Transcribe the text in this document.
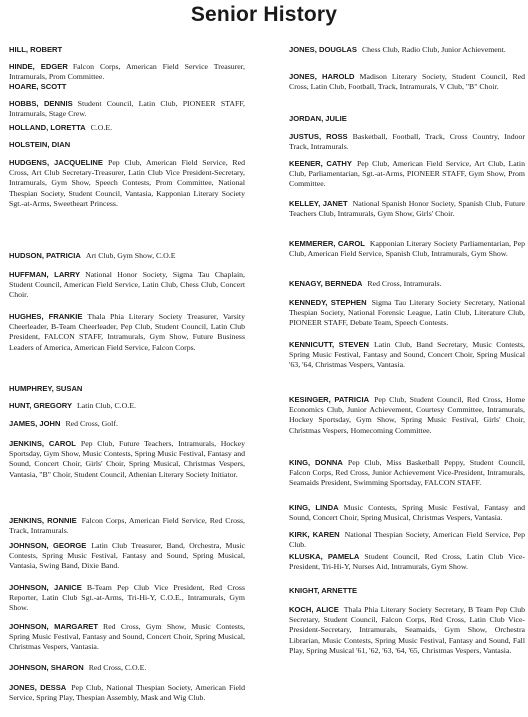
Senior History
HILL, ROBERT
HINDE, EDGER Falcon Corps, American Field Service Treasurer, Intramurals, Prom Committee.
HOARE, SCOTT
HOBBS, DENNIS Student Council, Latin Club, PIONEER STAFF, Intramurals, Stage Crew.
HOLLAND, LORETTA C.O.E.
HOLSTEIN, DIAN
HUDGENS, JACQUELINE Pep Club, American Field Service, Red Cross, Art Club Secretary-Treasurer, Latin Club Vice President-Secretary, Intramurals, Gym Show, Speech Contests, Prom Committee, National Thespian Society, Student Council, Vantasia, Kapponian Literary Society Sgt.-at-Arms, Sweetheart Princess.
HUDSON, PATRICIA Art Club, Gym Show, C.O.E
HUFFMAN, LARRY National Honor Society, Sigma Tau Chaplain, Student Council, American Field Service, Latin Club, Chess Club, Concert Choir.
HUGHES, FRANKIE Thala Phia Literary Society Treasurer, Varsity Cheerleader, B-Team Cheerleader, Pep Club, Student Council, Latin Club President, FALCON STAFF, Intramurals, Gym Show, Future Business Leaders of America, American Field Service, Falcon Corps.
HUMPHREY, SUSAN
HUNT, GREGORY Latin Club, C.O.E.
JAMES, JOHN Red Cross, Golf.
JENKINS, CAROL Pep Club, Future Teachers, Intramurals, Hockey Sportsday, Gym Show, Music Contests, Spring Music Festival, Fantasy and Sound, Concert Choir, Girls' Choir, Spring Musical, Christmas Vespers, Vantasia, "B" Choir, Student Council, Athenian Literary Society Initiator.
JENKINS, RONNIE Falcon Corps, American Field Service, Red Cross, Track, Intramurals.
JOHNSON, GEORGE Latin Club Treasurer, Band, Orchestra, Music Contests, Spring Music Festival, Fantasy and Sound, Spring Musical, Vantasia, Swing Band, Dixie Band.
JOHNSON, JANICE B-Team Pep Club Vice President, Red Cross Reporter, Latin Club Sgt.-at-Arms, Tri-Hi-Y, C.O.E., Intramurals, Gym Show.
JOHNSON, MARGARET Red Cross, Gym Show, Music Contests, Spring Music Festival, Fantasy and Sound, Concert Choir, Spring Musical, Christmas Vespers, Vantasia.
JOHNSON, SHARON Red Cross, C.O.E.
JONES, DESSA Pep Club, National Thespian Society, American Field Service, Spring Play, Thespian Assembly, Mask and Wig Club.
JONES, DOUGLAS Chess Club, Radio Club, Junior Achievement.
JONES, HAROLD Madison Literary Society, Student Council, Red Cross, Latin Club, Football, Track, Intramurals, V Club, "B" Choir.
JORDAN, JULIE
JUSTUS, ROSS Basketball, Football, Track, Cross Country, Indoor Track, Intramurals.
KEENER, CATHY Pep Club, American Field Service, Art Club, Latin Club, Parliamentarian, Sgt.-at-Arms, PIONEER STAFF, Gym Show, Prom Committee.
KELLEY, JANET National Spanish Honor Society, Spanish Club, Future Teachers Club, Intramurals, Gym Show, Girls' Choir.
KEMMERER, CAROL Kapponian Literary Society Parliamentarian, Pep Club, American Field Service, Spanish Club, Intramurals, Gym Show.
KENAGY, BERNEDA Red Cross, Intramurals.
KENNEDY, STEPHEN Sigma Tau Literary Society Secretary, National Thespian Society, National Forensic League, Latin Club, Literature Club, PIONEER STAFF, Debate Team, Speech Contests.
KENNICUTT, STEVEN Latin Club, Band Secretary, Music Contests, Spring Music Festival, Fantasy and Sound, Concert Choir, Spring Musical '63, '64, Christmas Vespers, Vantasia.
KESINGER, PATRICIA Pep Club, Student Council, Red Cross, Home Economics Club, Junior Achievement, Courtesy Committee, Intramurals, Hockey Sportsday, Gym Show, Spring Music Festival, Girls' Choir, Christmas Vespers, Homecoming Committee.
KING, DONNA Pep Club, Miss Basketball Peppy, Student Council, Falcon Corps, Red Cross, Junior Achievement Vice-President, Intramurals, Seamaids President, Swimming Sportsday, FALCON STAFF.
KING, LINDA Music Contests, Spring Music Festival, Fantasy and Sound, Concert Choir, Spring Musical, Christmas Vespers, Vantasia.
KIRK, KAREN National Thespian Society, American Field Service, Pep Club.
KLUSKA, PAMELA Student Council, Red Cross, Latin Club Vice-President, Tri-Hi-Y, Nurses Aid, Intramurals, Gym Show.
KNIGHT, ARNETTE
KOCH, ALICE Thala Phia Literary Society Secretary, B Team Pep Club Secretary, Student Council, Falcon Corps, Red Cross, Latin Club Vice-President-Secretary, Intramurals, Seamaids, Gym Show, Orchestra Librarian, Music Contests, Spring Music Festival, Fantasy and Sound, Fall Play, Spring Musical '61, '62, '63, '64, '65, Christmas Vespers, Vantasia.
